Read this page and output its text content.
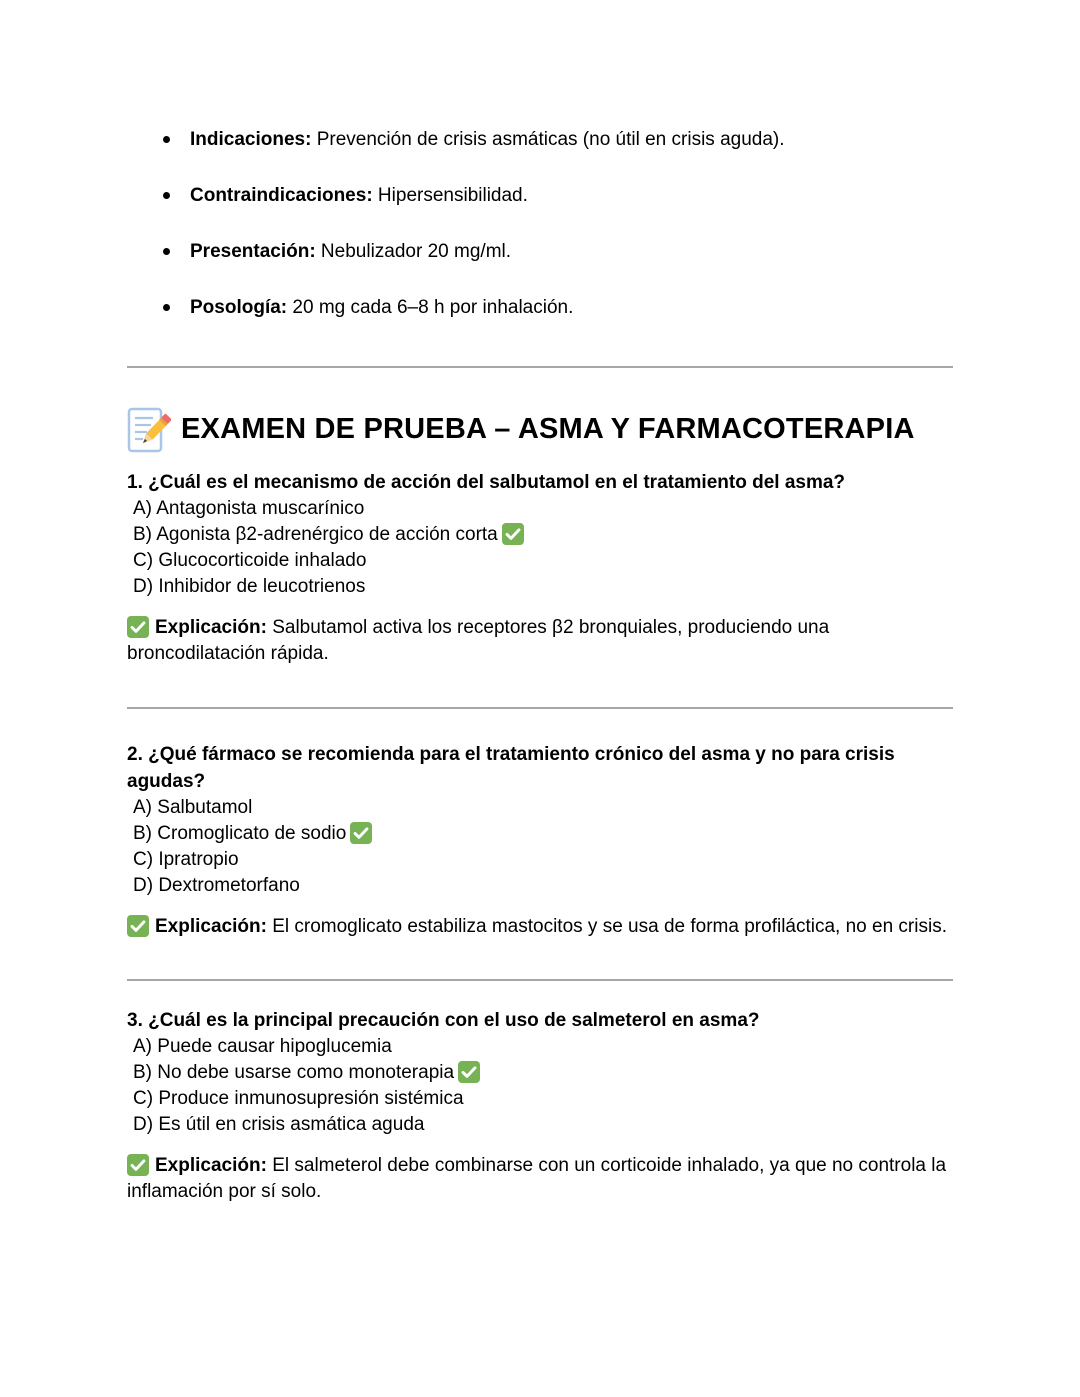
Indicaciones: Prevención de crisis asmáticas (no útil en crisis aguda).
Contraindicaciones: Hipersensibilidad.
Presentación: Nebulizador 20 mg/ml.
Posología: 20 mg cada 6–8 h por inhalación.
EXAMEN DE PRUEBA – ASMA Y FARMACOTERAPIA
1. ¿Cuál es el mecanismo de acción del salbutamol en el tratamiento del asma?
A) Antagonista muscarínico
B) Agonista β2-adrenérgico de acción corta
C) Glucocorticoide inhalado
D) Inhibidor de leucotrienos

Explicación: Salbutamol activa los receptores β2 bronquiales, produciendo una broncodilatación rápida.

2. ¿Qué fármaco se recomienda para el tratamiento crónico del asma y no para crisis agudas?
A) Salbutamol
B) Cromoglicato de sodio
C) Ipratropio
D) Dextrometorfano

Explicación: El cromoglicato estabiliza mastocitos y se usa de forma profiláctica, no en crisis.

3. ¿Cuál es la principal precaución con el uso de salmeterol en asma?
A) Puede causar hipoglucemia
B) No debe usarse como monoterapia
C) Produce inmunosupresión sistémica
D) Es útil en crisis asmática aguda

Explicación: El salmeterol debe combinarse con un corticoide inhalado, ya que no controla la inflamación por sí solo.
